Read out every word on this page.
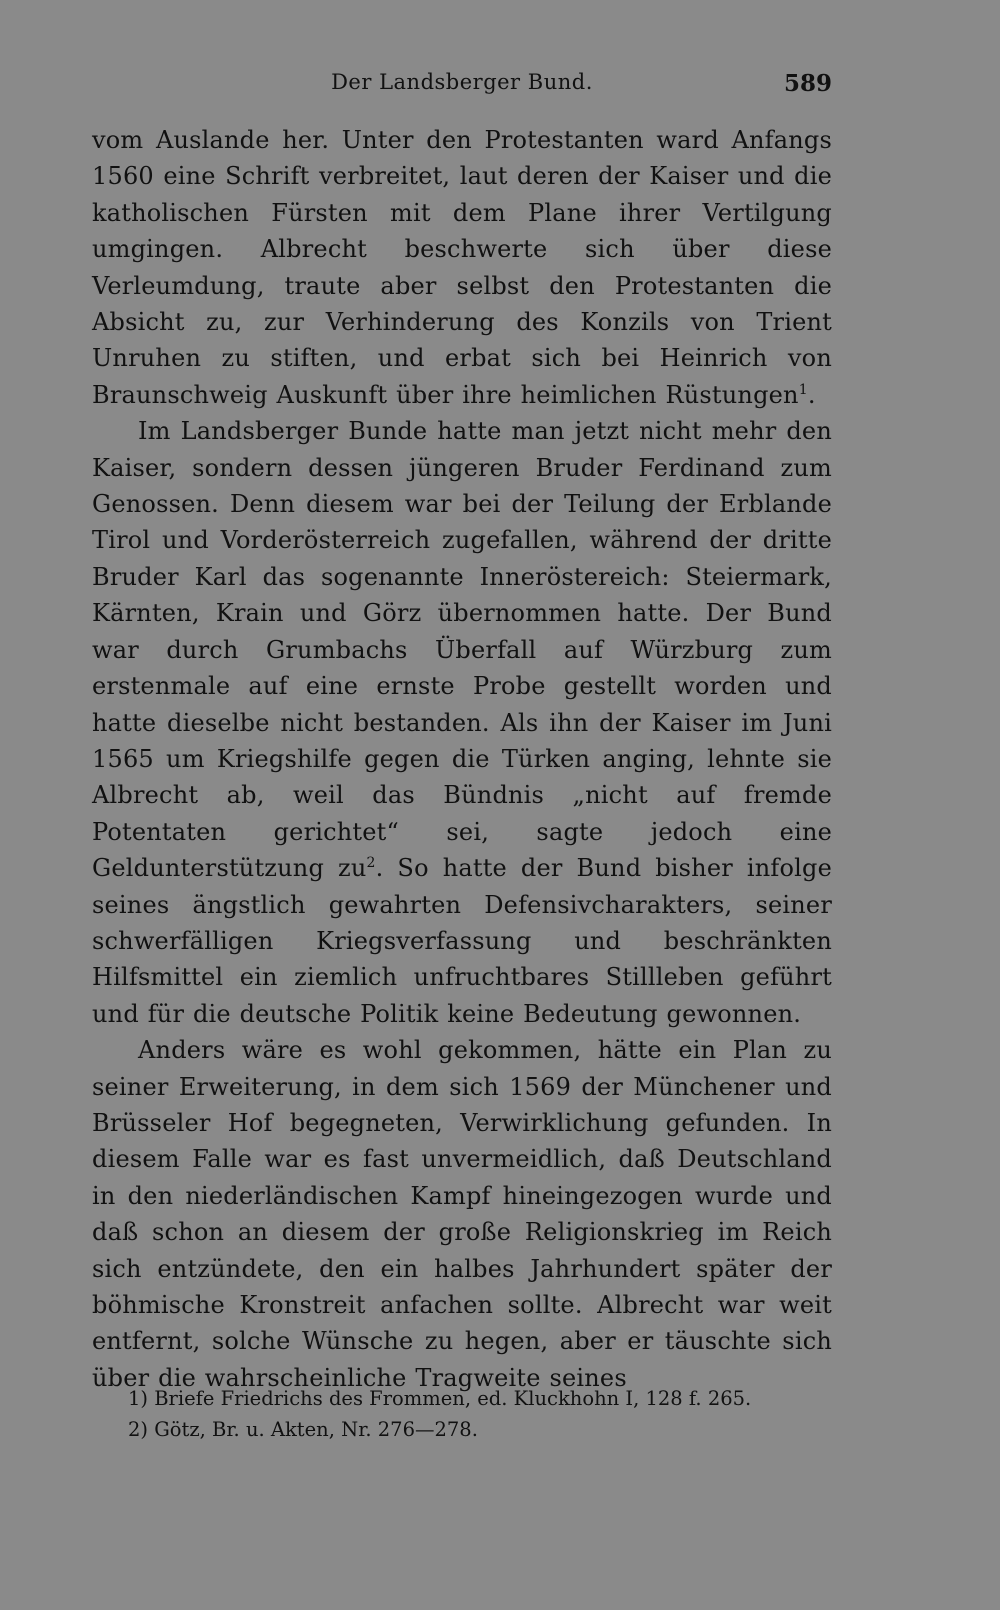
Der Landsberger Bund.	589

vom Auslande her. Unter den Protestanten ward Anfangs 1560 eine Schrift verbreitet, laut deren der Kaiser und die katholischen Fürsten mit dem Plane ihrer Vertilgung umgingen. Albrecht beschwerte sich über diese Verleumdung, traute aber selbst den Protestanten die Absicht zu, zur Verhinderung des Konzils von Trient Unruhen zu stiften, und erbat sich bei Heinrich von Braunschweig Auskunft über ihre heimlichen Rüstungen$^1$.

Im Landsberger Bunde hatte man jetzt nicht mehr den Kaiser, sondern dessen jüngeren Bruder Ferdinand zum Genossen. Denn diesem war bei der Teilung der Erblande Tirol und Vorderösterreich zugefallen, während der dritte Bruder Karl das sogenannte Inneröstereich: Steiermark, Kärnten, Krain und Görz übernommen hatte. Der Bund war durch Grumbachs Überfall auf Würzburg zum erstenmale auf eine ernste Probe gestellt worden und hatte dieselbe nicht bestanden. Als ihn der Kaiser im Juni 1565 um Kriegshilfe gegen die Türken anging, lehnte sie Albrecht ab, weil das Bündnis „nicht auf fremde Potentaten gerichtet“ sei, sagte jedoch eine Geldunterstützung $zu^2$. So hatte der Bund bisher infolge seines ängstlich gewahrten Defensivcharakters, seiner schwerfälligen Kriegsverfassung und beschränkten Hilfsmittel ein ziemlich unfruchtbares Stillleben geführt und für die deutsche Politik keine Bedeutung gewonnen.

Anders wäre es wohl gekommen, hätte ein Plan zu seiner Erweiterung, in dem sich 1569 der Münchener und Brüsseler Hof begegneten, Verwirklichung gefunden. In diesem Falle war es fast unvermeidlich, daß Deutschland in den niederländischen Kampf hineingezogen wurde und daß schon an diesem der große Religionskrieg im Reich sich entzündete, den ein halbes Jahrhundert später der böhmische Kronstreit anfachen sollte. Albrecht war weit entfernt, solche Wünsche zu hegen, aber er täuschte sich über die wahrscheinliche Tragweite seines

1) Briefe Friedrichs des Frommen, ed. Kluckhohn I, 128 f. 265.
2) Götz, Br. u. Akten, Nr. 276—278.
